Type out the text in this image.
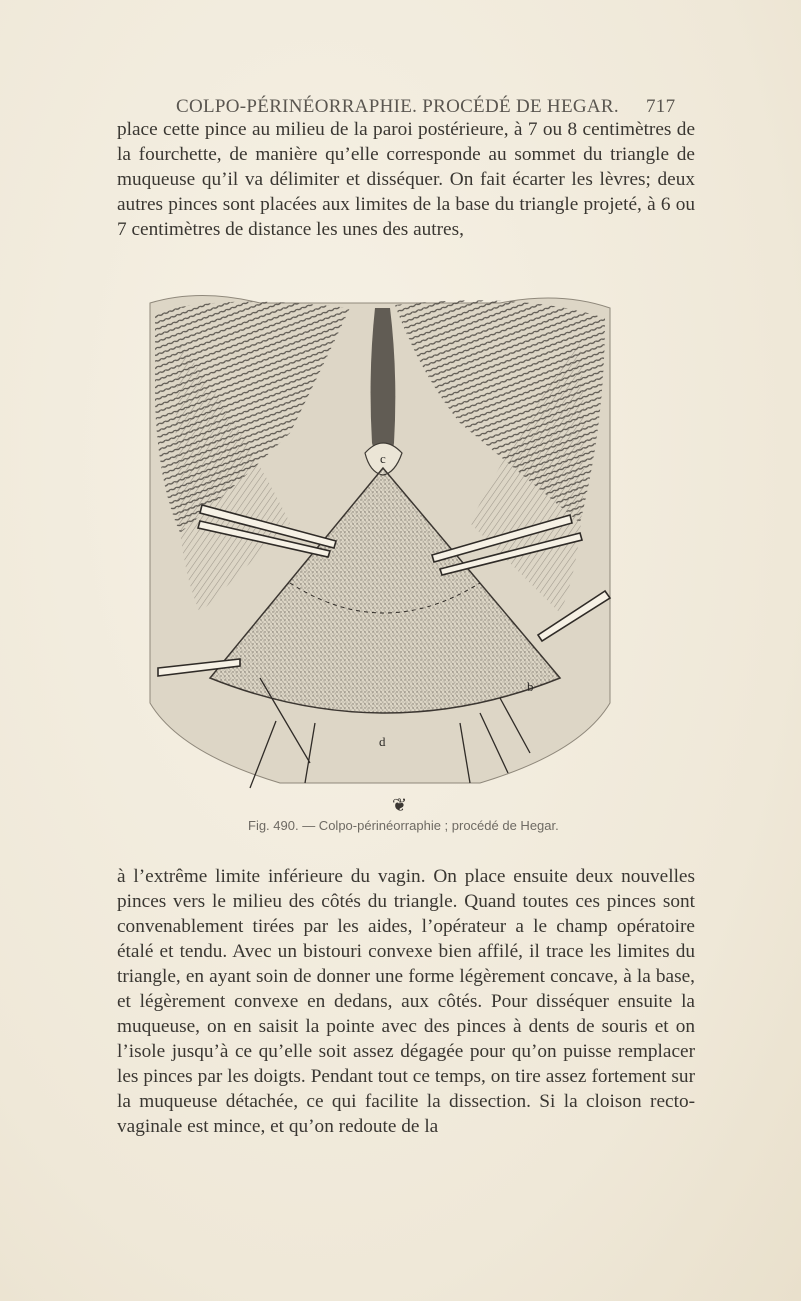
COLPO-PÉRINÉORRAPHIE. PROCÉDÉ DE HEGAR. 717
place cette pince au milieu de la paroi postérieure, à 7 ou 8 centimètres de la fourchette, de manière qu’elle corresponde au sommet du triangle de muqueuse qu’il va délimiter et disséquer. On fait écarter les lèvres; deux autres pinces sont placées aux limites de la base du triangle projeté, à 6 ou 7 centimètres de distance les unes des autres,
c
b
d
❦
Fig. 490. — Colpo-périnéorraphie ; procédé de Hegar.
à l’extrême limite inférieure du vagin. On place ensuite deux nouvelles pinces vers le milieu des côtés du triangle. Quand toutes ces pinces sont convenablement tirées par les aides, l’opérateur a le champ opératoire étalé et tendu. Avec un bistouri convexe bien affilé, il trace les limites du triangle, en ayant soin de donner une forme légèrement concave, à la base, et légèrement convexe en dedans, aux côtés. Pour disséquer ensuite la muqueuse, on en saisit la pointe avec des pinces à dents de souris et on l’isole jusqu’à ce qu’elle soit assez dégagée pour qu’on puisse remplacer les pinces par les doigts. Pendant tout ce temps, on tire assez fortement sur la muqueuse détachée, ce qui facilite la dissection. Si la cloison recto-vaginale est mince, et qu’on redoute de la
